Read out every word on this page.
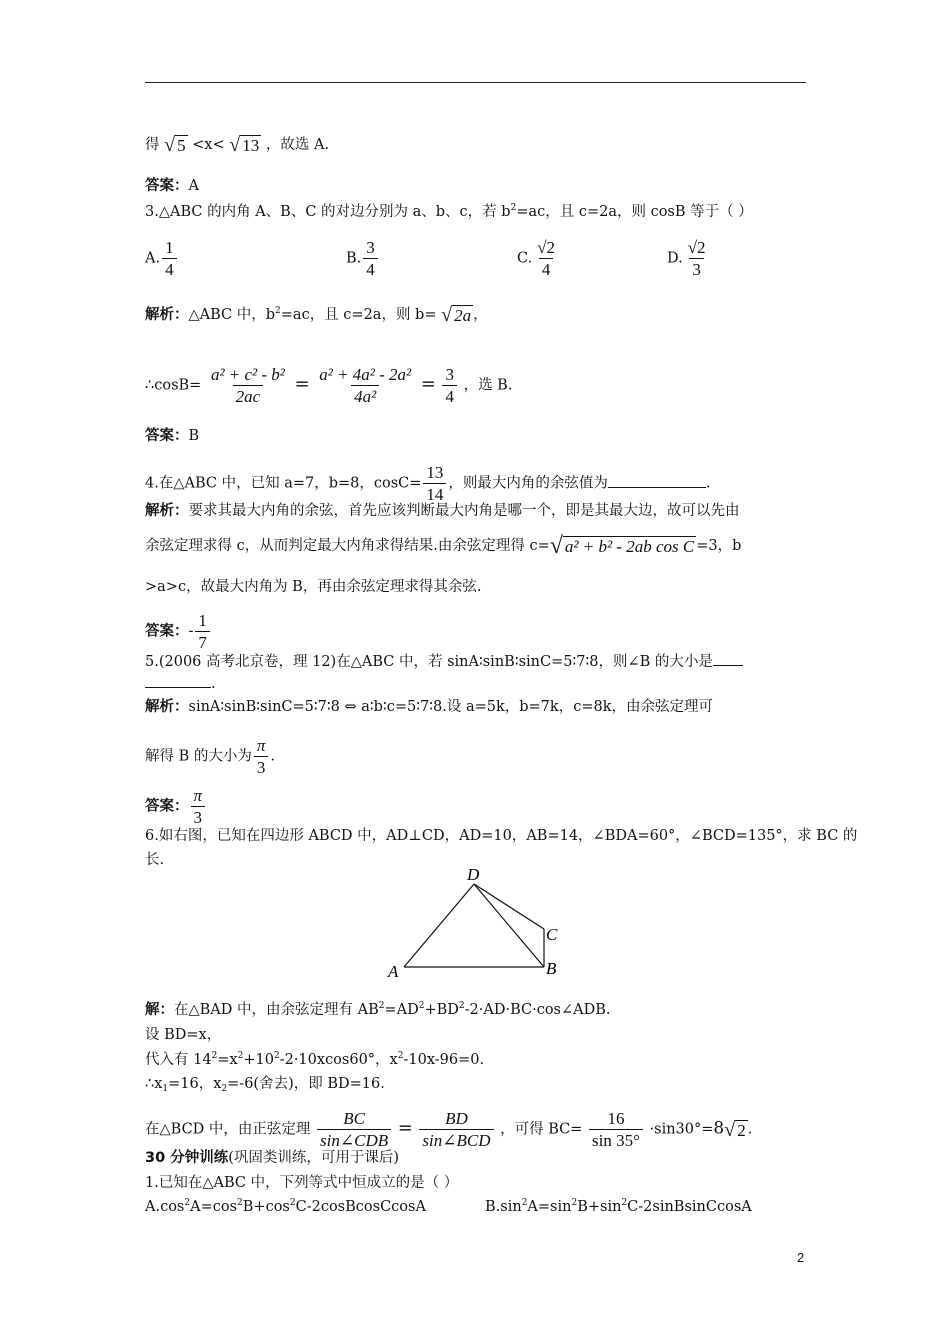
得 √ 5 <x< √ 13 ，故选 A.
答案：A
3.△ABC 的内角 A、B、C 的对边分别为 a、b、c，若 $b^2=ac$，且 c=2a，则 cosB 等于（ ）
A. $\frac{1}{4}$	B. $\frac{3}{4}$	C. $\frac{√2}{4}$	D. $\frac{√2}{3}$
解析：△ABC 中，$b^2=ac$，且 c=2a，则 b= √ 2a ，
∴cosB= $\frac{\text{a² + c² - b²}}{2ac} = \frac{\text{a² + 4a² - 2a²}}{\text{4a²}} = \frac{3}{4}$ ，选 B.
答案：B
4.在△ABC 中，已知 a=7，b=8，$\cos C= \frac{13}{14}$ ，则最大内角的余弦值为	.
解析：要求其最大内角的余弦，首先应该判断最大内角是哪一个，即是其最大边，故可以先由
余弦定理求得 c，从而判定最大内角求得结果.由余弦定理得 c= √ a² + b² - 2ab cos C =3，b
>a>c，故最大内角为 B，再由余弦定理求得其余弦.
答案：- $\frac{1}{7}$
5.(2006 高考北京卷，理 12)在△ABC 中，若 sinA∶sinB∶sinC=5∶7∶8，则∠B 的大小是
.
解析：sinA∶sinB∶sinC=5∶7∶8 ⇔ a∶b∶c=5∶7∶8.设 a=5k，b=7k，c=8k，由余弦定理可
解得 B 的大小为 $\frac{\pi}{3}$ .
答案： $\frac{\pi}{3}$
6.如右图，已知在四边形 ABCD 中，AD⊥CD，AD=10，AB=14，∠BDA=60°，∠BCD=135°，求 BC 的
长.
A	B
C
D
解：在△BAD 中，由余弦定理有 $AB^2=AD^2+BD^2-2\cdot AD\cdot BC\cdot\cos\angle ADB$.
设 BD=x，
代入有 $14^2=x^2+10^2-2\cdot 10xcos60^\circ$，$x^2-10x-96=0$.
$\therefore x_1=16$，$x_2=-6$(舍去)，即 BD=16.
在△BCD 中，由正弦定理 $\frac{BC}{\text{sin∠CDB}} = \frac{BD}{\text{sin∠BCD}}$ ，可得 $BC= \frac{16}{\sin 35^\circ} \cdot\sin 30^\circ=8$ √ 2 .
30 分钟训练(巩固类训练，可用于课后)
1.已知在△ABC 中，下列等式中恒成立的是（ ）
$A.\cos^2A=\cos^2B+\cos^2C-2cosBcosCcosA$	$B.\sin^2A=\sin^2B+\sin^2C-2sinBsinCcosA$
2
